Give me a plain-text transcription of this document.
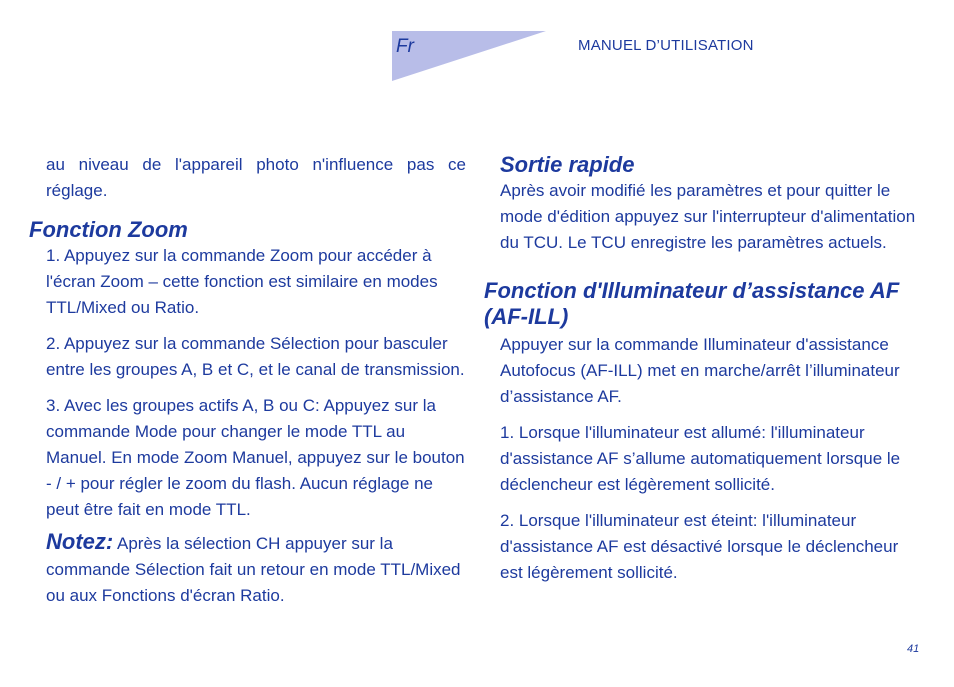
Fr	MANUEL D’UTILISATION

au niveau de l'appareil photo n'influence pas ce réglage.

Fonction Zoom

1. Appuyez sur la commande Zoom pour accéder à l'écran Zoom – cette fonction est similaire en modes TTL/Mixed ou Ratio.

2. Appuyez sur la commande Sélection pour basculer entre les groupes A, B et C, et le canal de transmission.

3. Avec les groupes actifs A, B ou C: Appuyez sur la commande Mode pour changer le mode TTL au Manuel. En mode Zoom Manuel, appuyez sur le bouton - / + pour régler le zoom du flash. Aucun réglage ne peut être fait en mode TTL.

Notez: Après la sélection CH appuyer sur la commande Sélection fait un retour en mode TTL/Mixed ou aux Fonctions d'écran Ratio.

Sortie rapide

Après avoir modifié les paramètres et pour quitter le mode d'édition appuyez sur l'interrupteur d'alimentation du TCU. Le TCU enregistre les paramètres actuels.

Fonction d'Illuminateur d’assistance AF (AF-ILL)

Appuyer sur la commande Illuminateur d'assistance Autofocus (AF-ILL) met en marche/arrêt l’illuminateur d’assistance AF.

1. Lorsque l'illuminateur est allumé: l'illuminateur d'assistance AF s’allume automatiquement lorsque le déclencheur est légèrement sollicité.

2. Lorsque l'illuminateur est éteint: l'illuminateur d'assistance AF est désactivé lorsque le déclencheur est légèrement sollicité.

41
